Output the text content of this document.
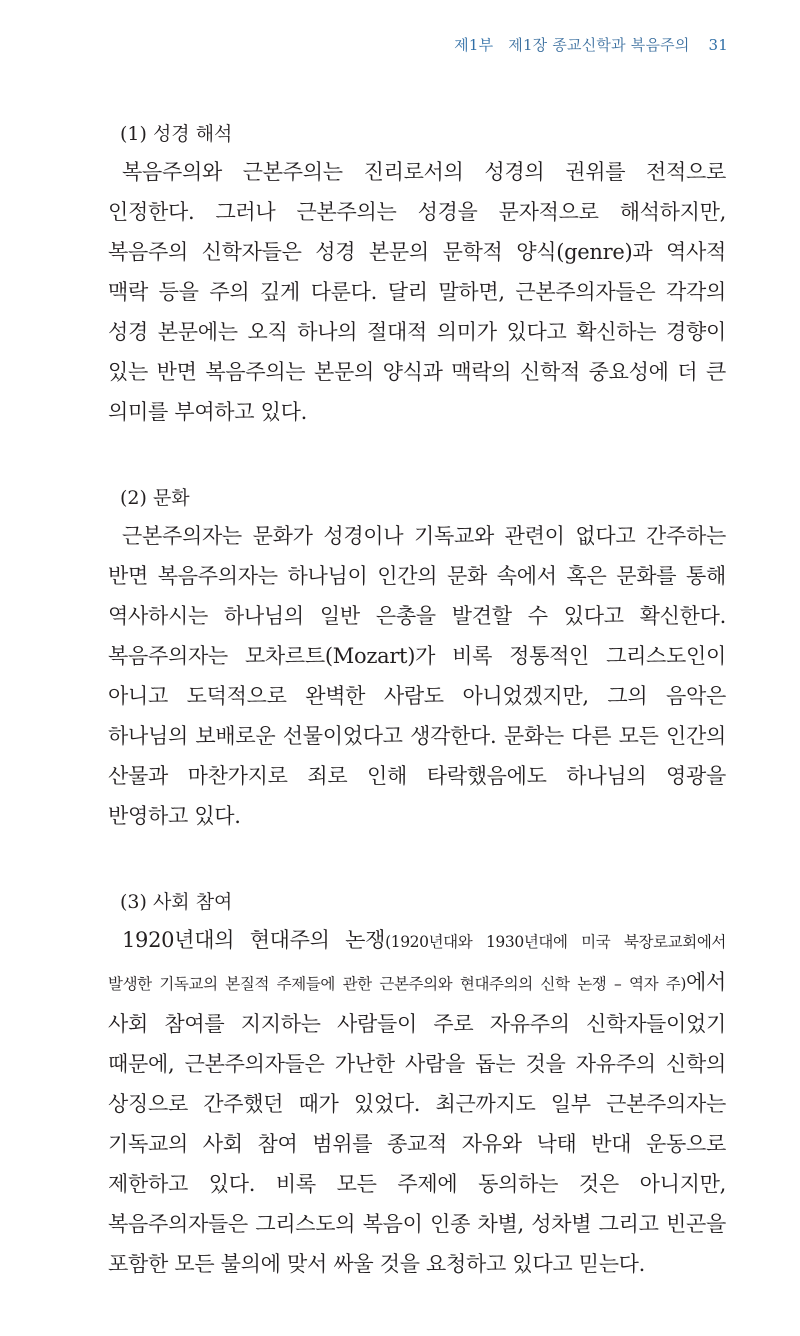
제1부 제1장 종교신학과 복음주의 31
(1) 성경 해석

복음주의와 근본주의는 진리로서의 성경의 권위를 전적으로 인정한다. 그러나 근본주의는 성경을 문자적으로 해석하지만, 복음주의 신학자들은 성경 본문의 문학적 양식(genre)과 역사적 맥락 등을 주의 깊게 다룬다. 달리 말하면, 근본주의자들은 각각의 성경 본문에는 오직 하나의 절대적 의미가 있다고 확신하는 경향이 있는 반면 복음주의는 본문의 양식과 맥락의 신학적 중요성에 더 큰 의미를 부여하고 있다.

(2) 문화

근본주의자는 문화가 성경이나 기독교와 관련이 없다고 간주하는 반면 복음주의자는 하나님이 인간의 문화 속에서 혹은 문화를 통해 역사하시는 하나님의 일반 은총을 발견할 수 있다고 확신한다. 복음주의자는 모차르트(Mozart)가 비록 정통적인 그리스도인이 아니고 도덕적으로 완벽한 사람도 아니었겠지만, 그의 음악은 하나님의 보배로운 선물이었다고 생각한다. 문화는 다른 모든 인간의 산물과 마찬가지로 죄로 인해 타락했음에도 하나님의 영광을 반영하고 있다.

(3) 사회 참여

1920년대의 현대주의 논쟁(1920년대와 1930년대에 미국 북장로교회에서 발생한 기독교의 본질적 주제들에 관한 근본주의와 현대주의의 신학 논쟁 – 역자 주)에서 사회 참여를 지지하는 사람들이 주로 자유주의 신학자들이었기 때문에, 근본주의자들은 가난한 사람을 돕는 것을 자유주의 신학의 상징으로 간주했던 때가 있었다. 최근까지도 일부 근본주의자는 기독교의 사회 참여 범위를 종교적 자유와 낙태 반대 운동으로 제한하고 있다. 비록 모든 주제에 동의하는 것은 아니지만, 복음주의자들은 그리스도의 복음이 인종 차별, 성차별 그리고 빈곤을 포함한 모든 불의에 맞서 싸울 것을 요청하고 있다고 믿는다.
